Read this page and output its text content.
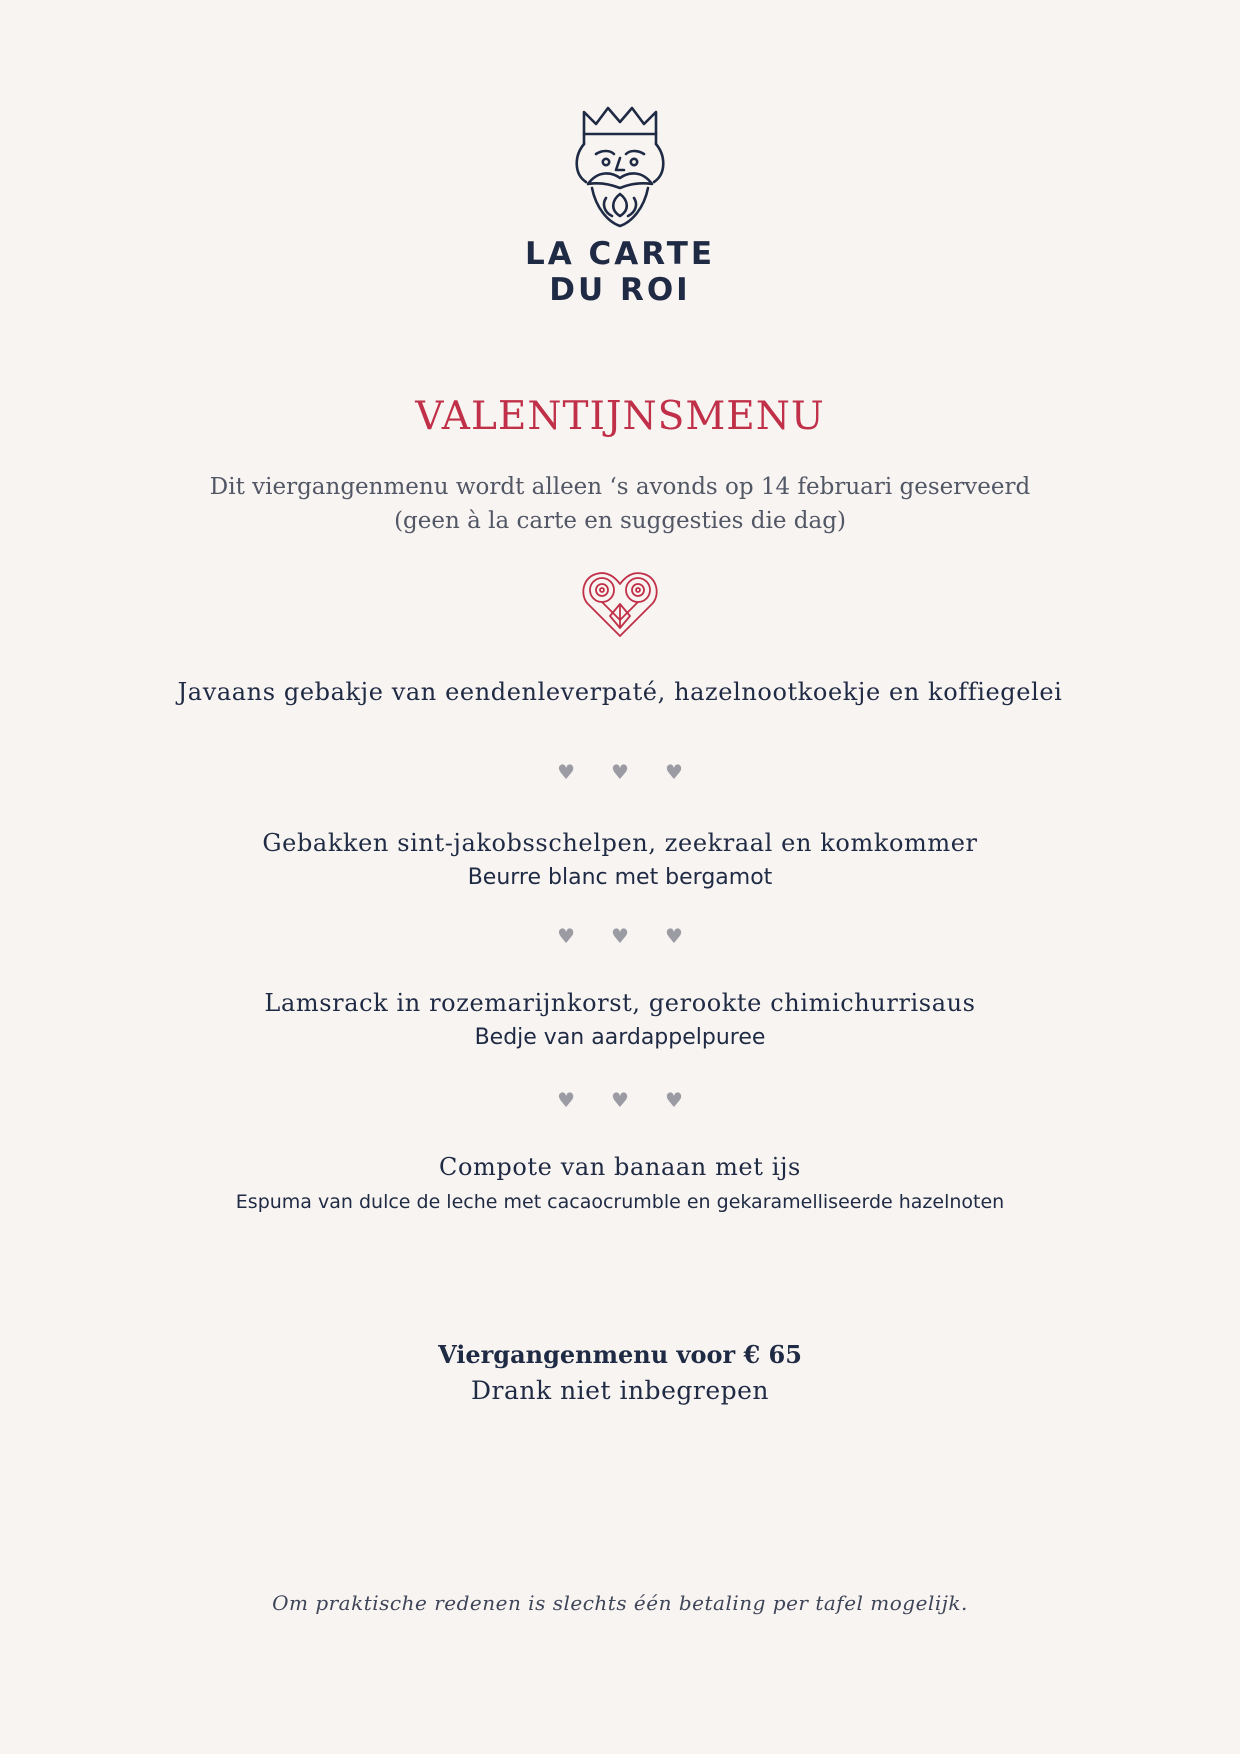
LA CARTE
DU ROI
VALENTIJNSMENU
Dit viergangenmenu wordt alleen ‘s avonds op 14 februari geserveerd
(geen à la carte en suggesties die dag)
Javaans gebakje van eendenleverpaté, hazelnootkoekje en koffiegelei
♥ ♥ ♥
Gebakken sint-jakobsschelpen, zeekraal en komkommer
Beurre blanc met bergamot
♥ ♥ ♥
Lamsrack in rozemarijnkorst, gerookte chimichurrisaus
Bedje van aardappelpuree
♥ ♥ ♥
Compote van banaan met ijs
Espuma van dulce de leche met cacaocrumble en gekaramelliseerde hazelnoten
Viergangenmenu voor € 65
Drank niet inbegrepen
Om praktische redenen is slechts één betaling per tafel mogelijk.
